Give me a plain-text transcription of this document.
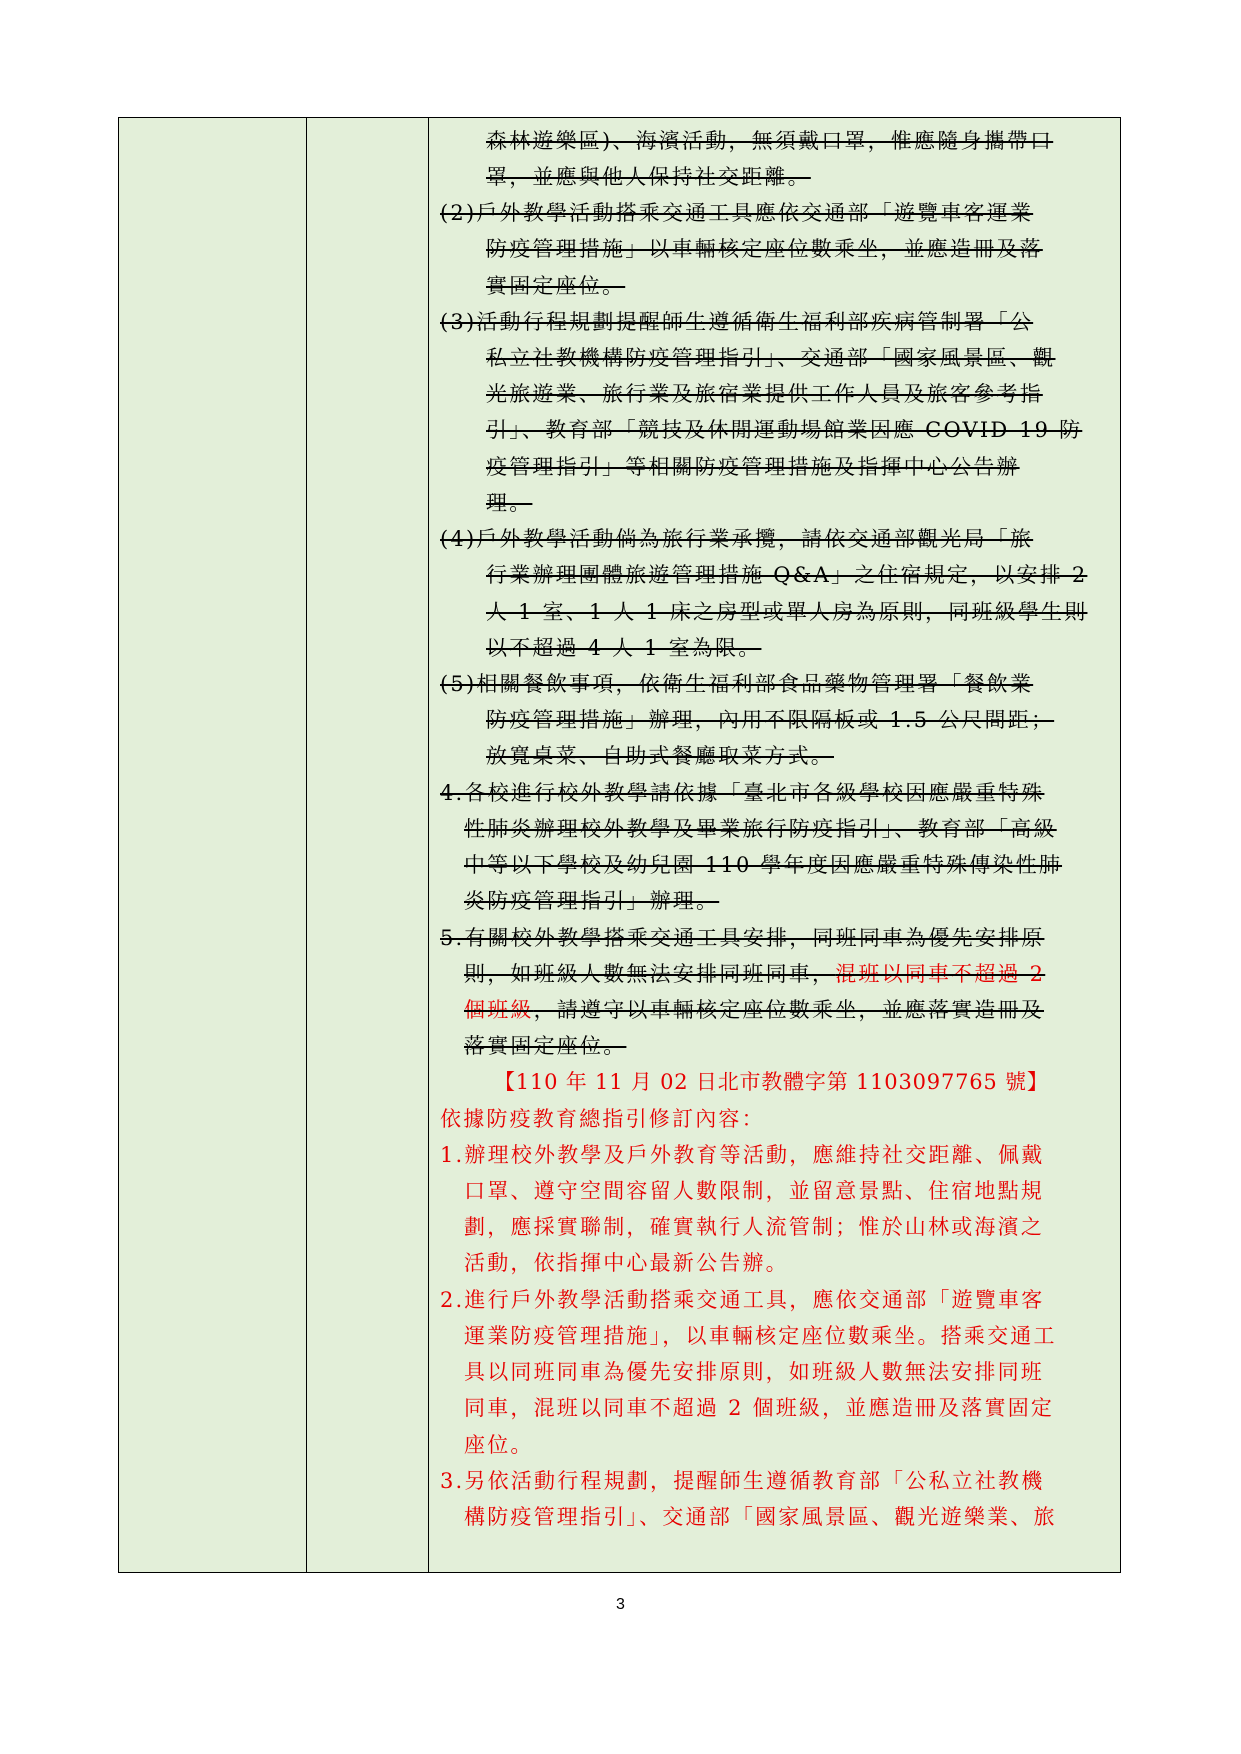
森林遊樂區)、海濱活動，無須戴口罩，惟應隨身攜帶口
罩，並應與他人保持社交距離。
(2)戶外教學活動搭乘交通工具應依交通部「遊覽車客運業
防疫管理措施」以車輛核定座位數乘坐，並應造冊及落
實固定座位。
(3)活動行程規劃提醒師生遵循衛生福利部疾病管制署「公
私立社教機構防疫管理指引」、交通部「國家風景區、觀
光旅遊業、旅行業及旅宿業提供工作人員及旅客參考指
引」、教育部「競技及休閒運動場館業因應 COVID-19 防
疫管理指引」等相關防疫管理措施及指揮中心公告辦
理。
(4)戶外教學活動倘為旅行業承攬，請依交通部觀光局「旅
行業辦理團體旅遊管理措施 Q&A」之住宿規定，以安排 2
人 1 室、1 人 1 床之房型或單人房為原則，同班級學生則
以不超過 4 人 1 室為限。
(5)相關餐飲事項，依衛生福利部食品藥物管理署「餐飲業
防疫管理措施」辦理，內用不限隔板或 1.5 公尺間距；
放寬桌菜、自助式餐廳取菜方式。
4.各校進行校外教學請依據「臺北市各級學校因應嚴重特殊
性肺炎辦理校外教學及畢業旅行防疫指引」、教育部「高級
中等以下學校及幼兒園 110 學年度因應嚴重特殊傳染性肺
炎防疫管理指引」辦理。
5.有關校外教學搭乘交通工具安排，同班同車為優先安排原
則，如班級人數無法安排同班同車，混班以同車不超過 2
個班級，請遵守以車輛核定座位數乘坐，並應落實造冊及
落實固定座位。
【110 年 11 月 02 日北市教體字第 1103097765 號】
依據防疫教育總指引修訂內容：
1.辦理校外教學及戶外教育等活動，應維持社交距離、佩戴
口罩、遵守空間容留人數限制，並留意景點、住宿地點規
劃，應採實聯制，確實執行人流管制；惟於山林或海濱之
活動，依指揮中心最新公告辦。
2.進行戶外教學活動搭乘交通工具，應依交通部「遊覽車客
運業防疫管理措施」，以車輛核定座位數乘坐。搭乘交通工
具以同班同車為優先安排原則，如班級人數無法安排同班
同車，混班以同車不超過 2 個班級，並應造冊及落實固定
座位。
3.另依活動行程規劃，提醒師生遵循教育部「公私立社教機
構防疫管理指引」、交通部「國家風景區、觀光遊樂業、旅
3
